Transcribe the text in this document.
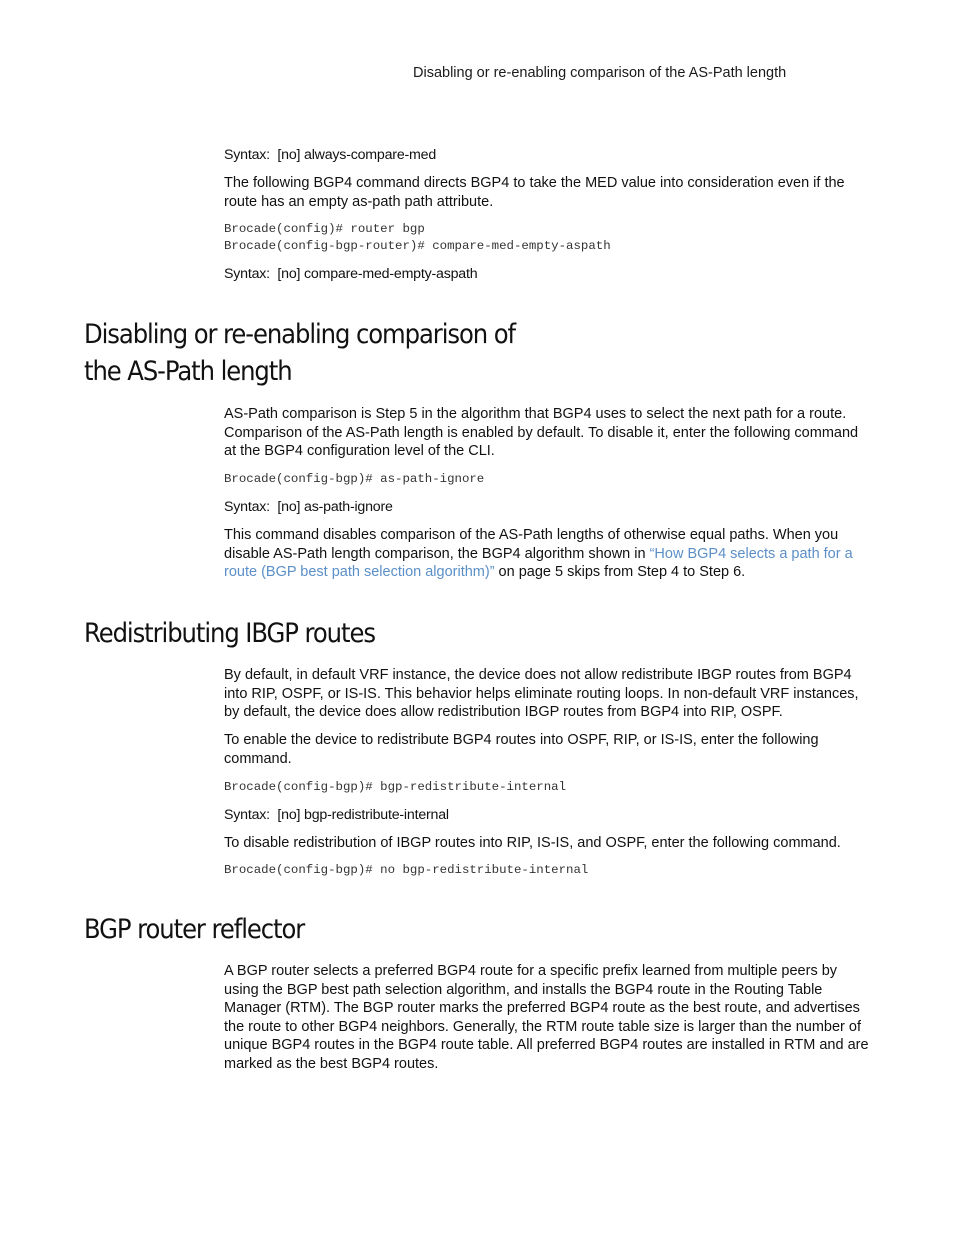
Disabling or re-enabling comparison of the AS-Path length
Syntax: [no] always-compare-med

The following BGP4 command directs BGP4 to take the MED value into consideration even if the route has an empty as-path path attribute.

Brocade(config)# router bgp
Brocade(config-bgp-router)# compare-med-empty-aspath
Syntax: [no] compare-med-empty-aspath

AS-Path comparison is Step 5 in the algorithm that BGP4 uses to select the next path for a route. Comparison of the AS-Path length is enabled by default. To disable it, enter the following command at the BGP4 configuration level of the CLI.

Brocade(config-bgp)# as-path-ignore
Syntax: [no] as-path-ignore

This command disables comparison of the AS-Path lengths of otherwise equal paths. When you disable AS-Path length comparison, the BGP4 algorithm shown in “How BGP4 selects a path for a route (BGP best path selection algorithm)” on page 5 skips from Step 4 to Step 6.

By default, in default VRF instance, the device does not allow redistribute IBGP routes from BGP4 into RIP, OSPF, or IS-IS. This behavior helps eliminate routing loops. In non-default VRF instances, by default, the device does allow redistribution IBGP routes from BGP4 into RIP, OSPF.

To enable the device to redistribute BGP4 routes into OSPF, RIP, or IS-IS, enter the following command.

Brocade(config-bgp)# bgp-redistribute-internal
Syntax: [no] bgp-redistribute-internal

To disable redistribution of IBGP routes into RIP, IS-IS, and OSPF, enter the following command.

Brocade(config-bgp)# no bgp-redistribute-internal

A BGP router selects a preferred BGP4 route for a specific prefix learned from multiple peers by using the BGP best path selection algorithm, and installs the BGP4 route in the Routing Table Manager (RTM). The BGP router marks the preferred BGP4 route as the best route, and advertises the route to other BGP4 neighbors. Generally, the RTM route table size is larger than the number of unique BGP4 routes in the BGP4 route table. All preferred BGP4 routes are installed in RTM and are marked as the best BGP4 routes.

Disabling or re-enabling comparison of
the AS-Path length
Redistributing IBGP routes
BGP router reflector
